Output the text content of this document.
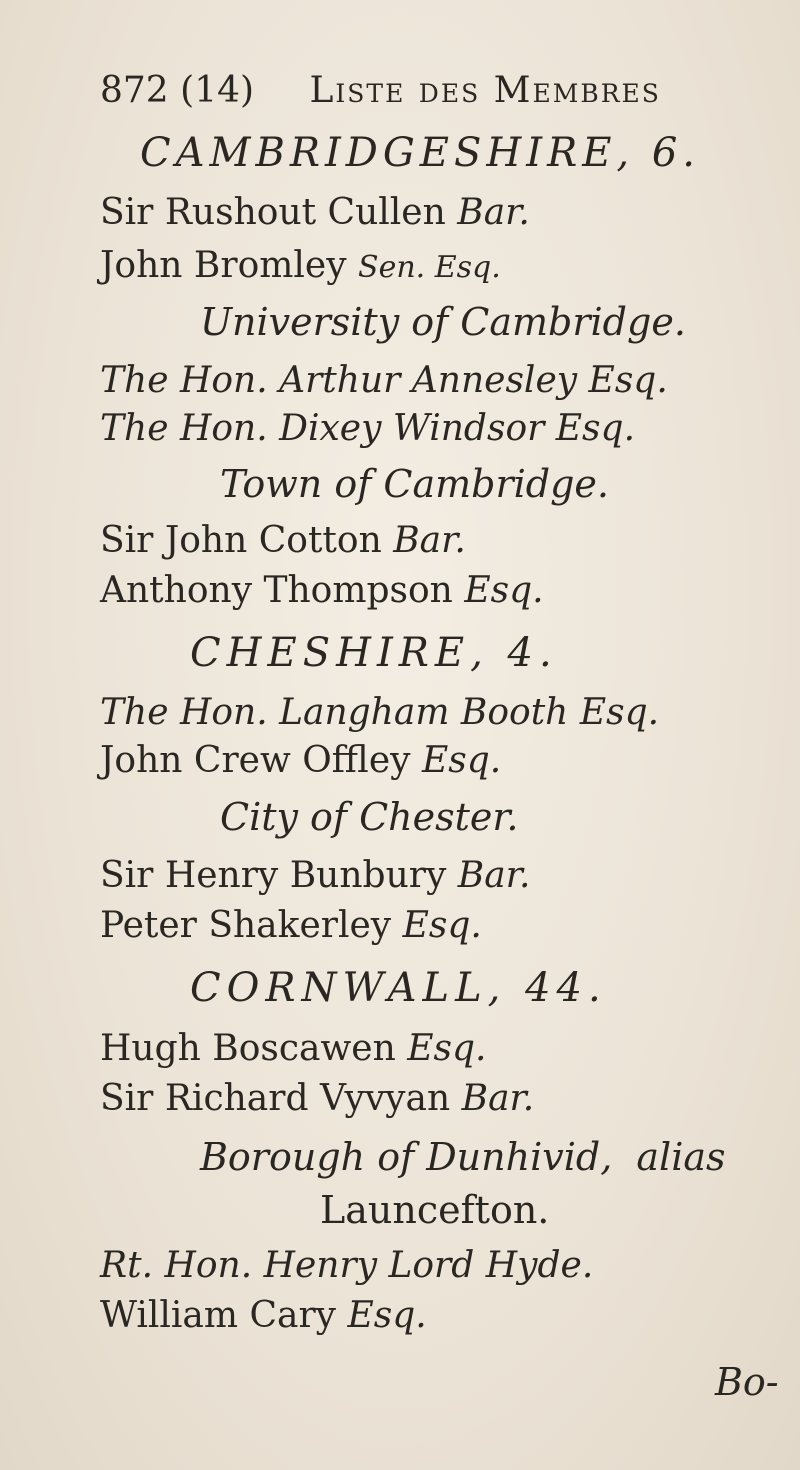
872 (14) Liste des Membres
CAMBRIDGESHIRE, 6.
Sir Rushout Cullen Bar.
John Bromley Sen. Esq.
University of Cambridge.
The Hon. Arthur Annesley Esq.
The Hon. Dixey Windsor Esq.
Town of Cambridge.
Sir John Cotton Bar.
Anthony Thompson Esq.
CHESHIRE, 4.
The Hon. Langham Booth Esq.
John Crew Offley Esq.
City of Chester.
Sir Henry Bunbury Bar.
Peter Shakerley Esq.
CORNWALL, 44.
Hugh Boscawen Esq.
Sir Richard Vyvyan Bar.
Borough of Dunhivid, alias
Launcefton.
Rt. Hon. Henry Lord Hyde.
William Cary Esq.
Bo-
